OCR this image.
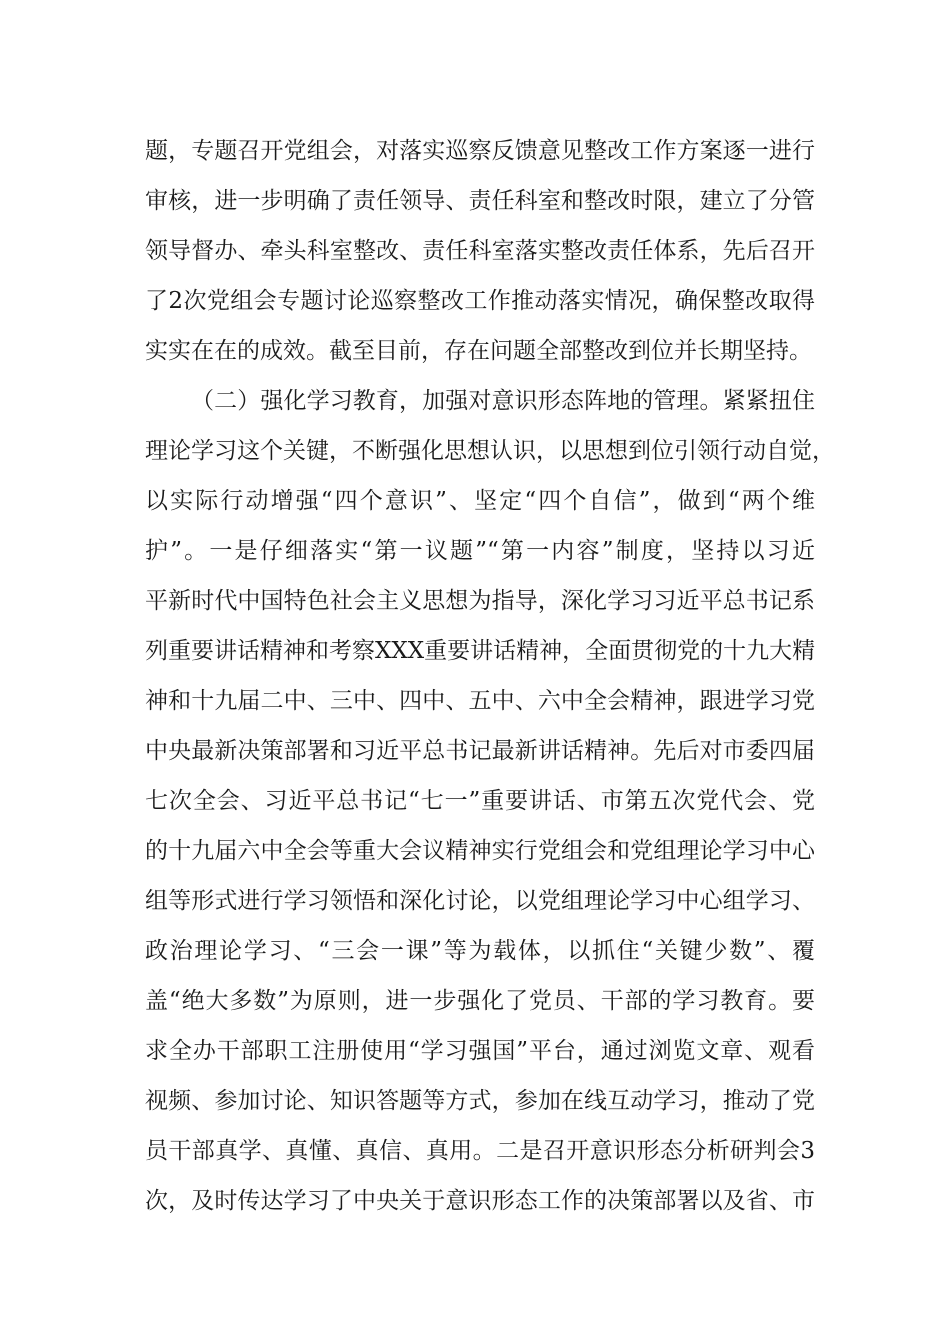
题，专题召开党组会，对落实巡察反馈意见整改工作方案逐一进行
审核，进一步明确了责任领导、责任科室和整改时限，建立了分管
领导督办、牵头科室整改、责任科室落实整改责任体系，先后召开
了2次党组会专题讨论巡察整改工作推动落实情况，确保整改取得
实实在在的成效。截至目前，存在问题全部整改到位并长期坚持。
（二）强化学习教育，加强对意识形态阵地的管理。紧紧扭住
理论学习这个关键，不断强化思想认识，以思想到位引领行动自觉，
以实际行动增强“四个意识”、坚定“四个自信”，做到“两个维
护”。一是仔细落实“第一议题”“第一内容”制度，坚持以习近
平新时代中国特色社会主义思想为指导，深化学习习近平总书记系
列重要讲话精神和考察XXX重要讲话精神，全面贯彻党的十九大精
神和十九届二中、三中、四中、五中、六中全会精神，跟进学习党
中央最新决策部署和习近平总书记最新讲话精神。先后对市委四届
七次全会、习近平总书记“七一”重要讲话、市第五次党代会、党
的十九届六中全会等重大会议精神实行党组会和党组理论学习中心
组等形式进行学习领悟和深化讨论，以党组理论学习中心组学习、
政治理论学习、“三会一课”等为载体，以抓住“关键少数”、覆
盖“绝大多数”为原则，进一步强化了党员、干部的学习教育。要
求全办干部职工注册使用“学习强国”平台，通过浏览文章、观看
视频、参加讨论、知识答题等方式，参加在线互动学习，推动了党
员干部真学、真懂、真信、真用。二是召开意识形态分析研判会3
次，及时传达学习了中央关于意识形态工作的决策部署以及省、市
